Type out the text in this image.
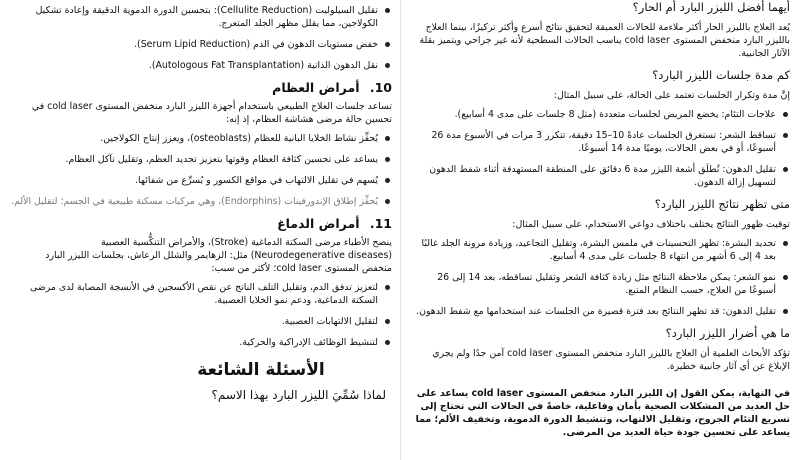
تقليل السيلوليت (Cellulite Reduction): بتحسين الدورة الدموية الدقيقة وإعادة تشكيل الكولاجين، مما يقلل مظهر الجلد المتعرج.
خفض مستويات الدهون في الدم (Serum Lipid Reduction).
نقل الدهون الذاتية (Autologous Fat Transplantation).
10. أمراض العظام

تساعد جلسات العلاج الطبيعي باستخدام أجهزة الليزر البارد منخفض المستوى cold laser في تحسين حالة مرضى هشاشة العظام، إذ إنه:

يُحفِّز نشاط الخلايا البانية للعظام (osteoblasts)، ويعزز إنتاج الكولاجين.
يساعد على تحسين كثافة العظام وقوتها بتعزيز تجديد العظم، وتقليل تآكل العظام.
يُسهم في تقليل الالتهاب في مواقع الكسور و يُسرِّع من شفائها.
يُحفِّز إطلاق الإندورفينات (Endorphins)، وهي مركبات مسكنة طبيعية في الجسم؛ لتقليل الألم.
11. أمراض الدماغ

ينصح الأطباء مرضى السكتة الدماغية (Stroke)، والأمراض التنكُّسية العصبية (Neurodegenerative diseases) مثل: الزهايمر والشلل الرعاش، بجلسات الليزر البارد منخفض المستوى cold laser؛ لأكثر من سبب:

لتعزيز تدفق الدم، وتقليل التلف الناتج عن نقص الأكسجين في الأنسجة المصابة لدى مرضى السكتة الدماغية، ودعم نمو الخلايا العصبية.
لتقليل الالتهابات العصبية.
لتنشيط الوظائف الإدراكية والحركية.
الأسئلة الشائعة
لماذا سُمِّيَ الليزر البارد بهذا الاسم؟
أيهما أفضل الليزر البارد أم الحار؟

يُعد العلاج بالليزر الحار أكثر ملاءمة للحالات العميقة لتحقيق نتائج أسرع وأكثر تركيزًا، بينما العلاج بالليزر البارد منخفض المستوى cold laser يناسب الحالات السطحية لأنه غير جراحي ويتميز بقلة الآثار الجانبية.

كم مدة جلسات الليزر البارد؟

إنَّ مدة وتكرار الجلسات تعتمد على الحالة، على سبيل المثال:

علاجات التئام: يخضع المريض لجلسات متعددة (مثل 8 جلسات على مدى 4 أسابيع).
تساقط الشعر: تستغرق الجلسات عادةً 10–15 دقيقة، تتكرر 3 مرات في الأسبوع مدة 26 أسبوعًا، أو في بعض الحالات، يوميًا مدة 14 أسبوعًا.
تقليل الدهون: تُطلَق أشعة الليزر مدة 6 دقائق على المنطقة المستهدفة أثناء شفط الدهون لتسهيل إزالة الدهون.
متى تظهر نتائج الليزر البارد؟

توقيت ظهور النتائج يختلف باختلاف دواعي الاستخدام، على سبيل المثال:

تجديد البشرة: تظهر التحسينات في ملمس البشرة، وتقليل التجاعيد، وزيادة مرونة الجلد غالبًا بعد 4 إلى 6 أشهر من انتهاء 8 جلسات على مدى 4 أسابيع.
نمو الشعر: يمكن ملاحظة النتائج مثل زيادة كثافة الشعر وتقليل تساقطه، بعد 14 إلى 26 أسبوعًا من العلاج، حسب النظام المتبع.
تقليل الدهون: قد تظهر النتائج بعد فترة قصيرة من الجلسات عند استخدامها مع شفط الدهون.
ما هي أضرار الليزر البارد؟

تؤكد الأبحاث العلمية أن العلاج بالليزر البارد منخفض المستوى cold laser آمن جدًا ولم يجري الإبلاغ عن أي آثار جانبية خطيرة.

في النهاية، يمكن القول إن الليزر البارد منخفض المستوى cold laser يساعد على حل العديد من المشكلات الصحية بأمان وفاعلية، خاصةً في الحالات التي تحتاج إلى تسريع التئام الجروح، وتقليل الالتهاب، وتنشيط الدورة الدموية، وتخفيف الألم؛ مما يساعد على تحسين جودة حياة العديد من المرضى.
